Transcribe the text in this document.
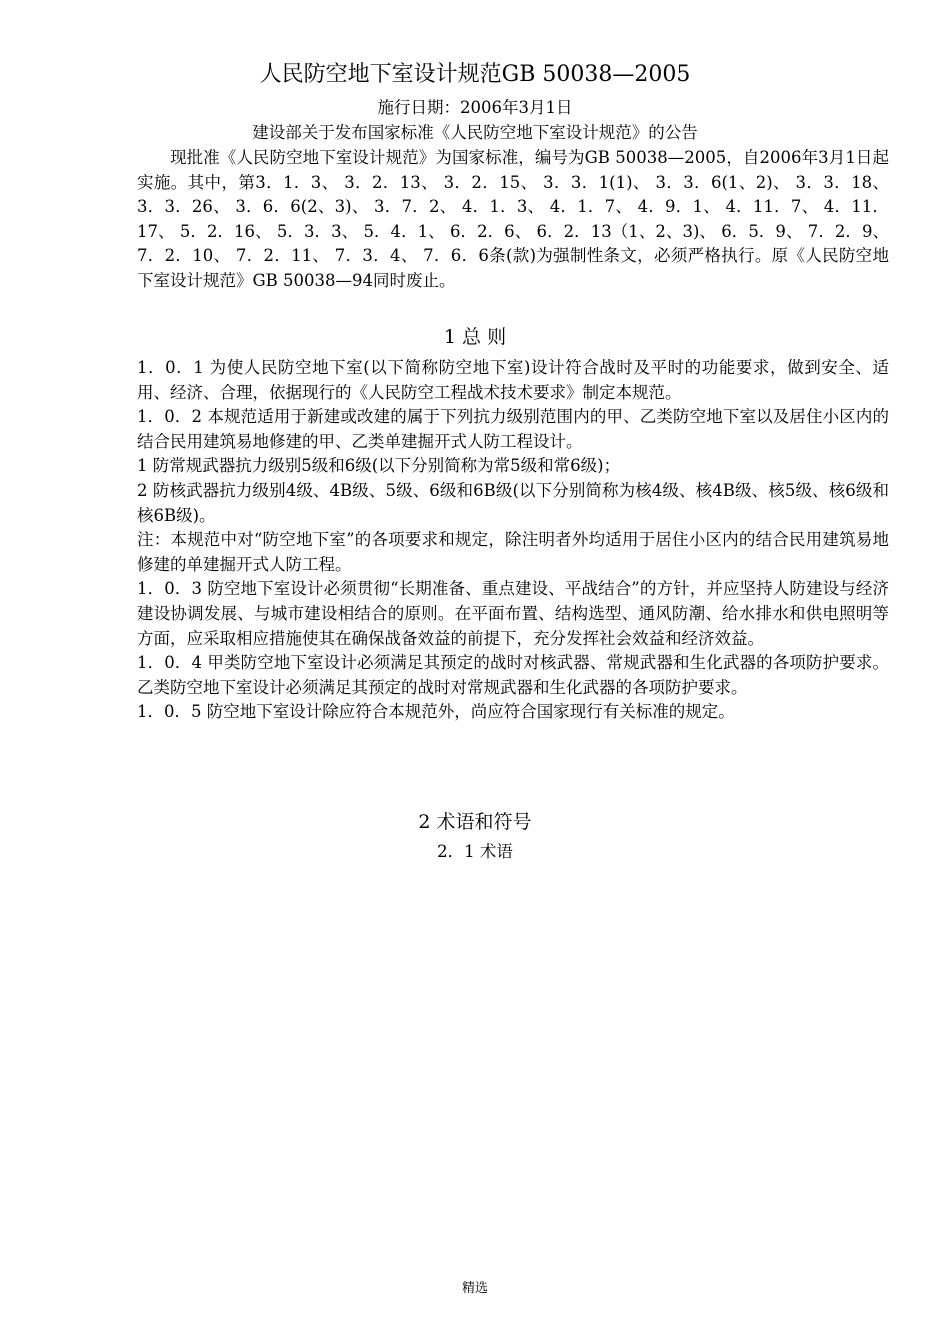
人民防空地下室设计规范GB 50038—2005
施行日期：2006年3月1日
建设部关于发布国家标准《人民防空地下室设计规范》的公告

现批准《人民防空地下室设计规范》为国家标准，编号为GB 50038—2005，自2006年3月1日起实施。其中，第3．1．3、 3．2．13、 3．2．15、 3．3．1(1)、 3．3．6(1、2)、 3．3．18、 3．3．26、 3．6．6(2、3)、 3．7．2、 4．1．3、 4．1．7、 4．9．1、 4．11．7、 4．11．17、 5．2．16、 5．3．3、 5．4．1、 6．2．6、 6．2．13（1、2、3)、 6．5．9、 7．2．9、 7．2．10、 7．2．11、 7．3．4、 7．6．6条(款)为强制性条文，必须严格执行。原《人民防空地下室设计规范》GB 50038—94同时废止。

1 总 则

1．0．1 为使人民防空地下室(以下简称防空地下室)设计符合战时及平时的功能要求，做到安全、适用、经济、合理，依据现行的《人民防空工程战术技术要求》制定本规范。

1．0．2 本规范适用于新建或改建的属于下列抗力级别范围内的甲、乙类防空地下室以及居住小区内的结合民用建筑易地修建的甲、乙类单建掘开式人防工程设计。

1 防常规武器抗力级别5级和6级(以下分别简称为常5级和常6级)；

2 防核武器抗力级别4级、4B级、5级、6级和6B级(以下分别简称为核4级、核4B级、核5级、核6级和核6B级)。

注：本规范中对“防空地下室”的各项要求和规定，除注明者外均适用于居住小区内的结合民用建筑易地修建的单建掘开式人防工程。

1．0．3 防空地下室设计必须贯彻“长期准备、重点建设、平战结合”的方针，并应坚持人防建设与经济建设协调发展、与城市建设相结合的原则。在平面布置、结构选型、通风防潮、给水排水和供电照明等方面，应采取相应措施使其在确保战备效益的前提下，充分发挥社会效益和经济效益。

1．0．4 甲类防空地下室设计必须满足其预定的战时对核武器、常规武器和生化武器的各项防护要求。乙类防空地下室设计必须满足其预定的战时对常规武器和生化武器的各项防护要求。

1．0．5 防空地下室设计除应符合本规范外，尚应符合国家现行有关标准的规定。

2 术语和符号
2．1 术语
精选
